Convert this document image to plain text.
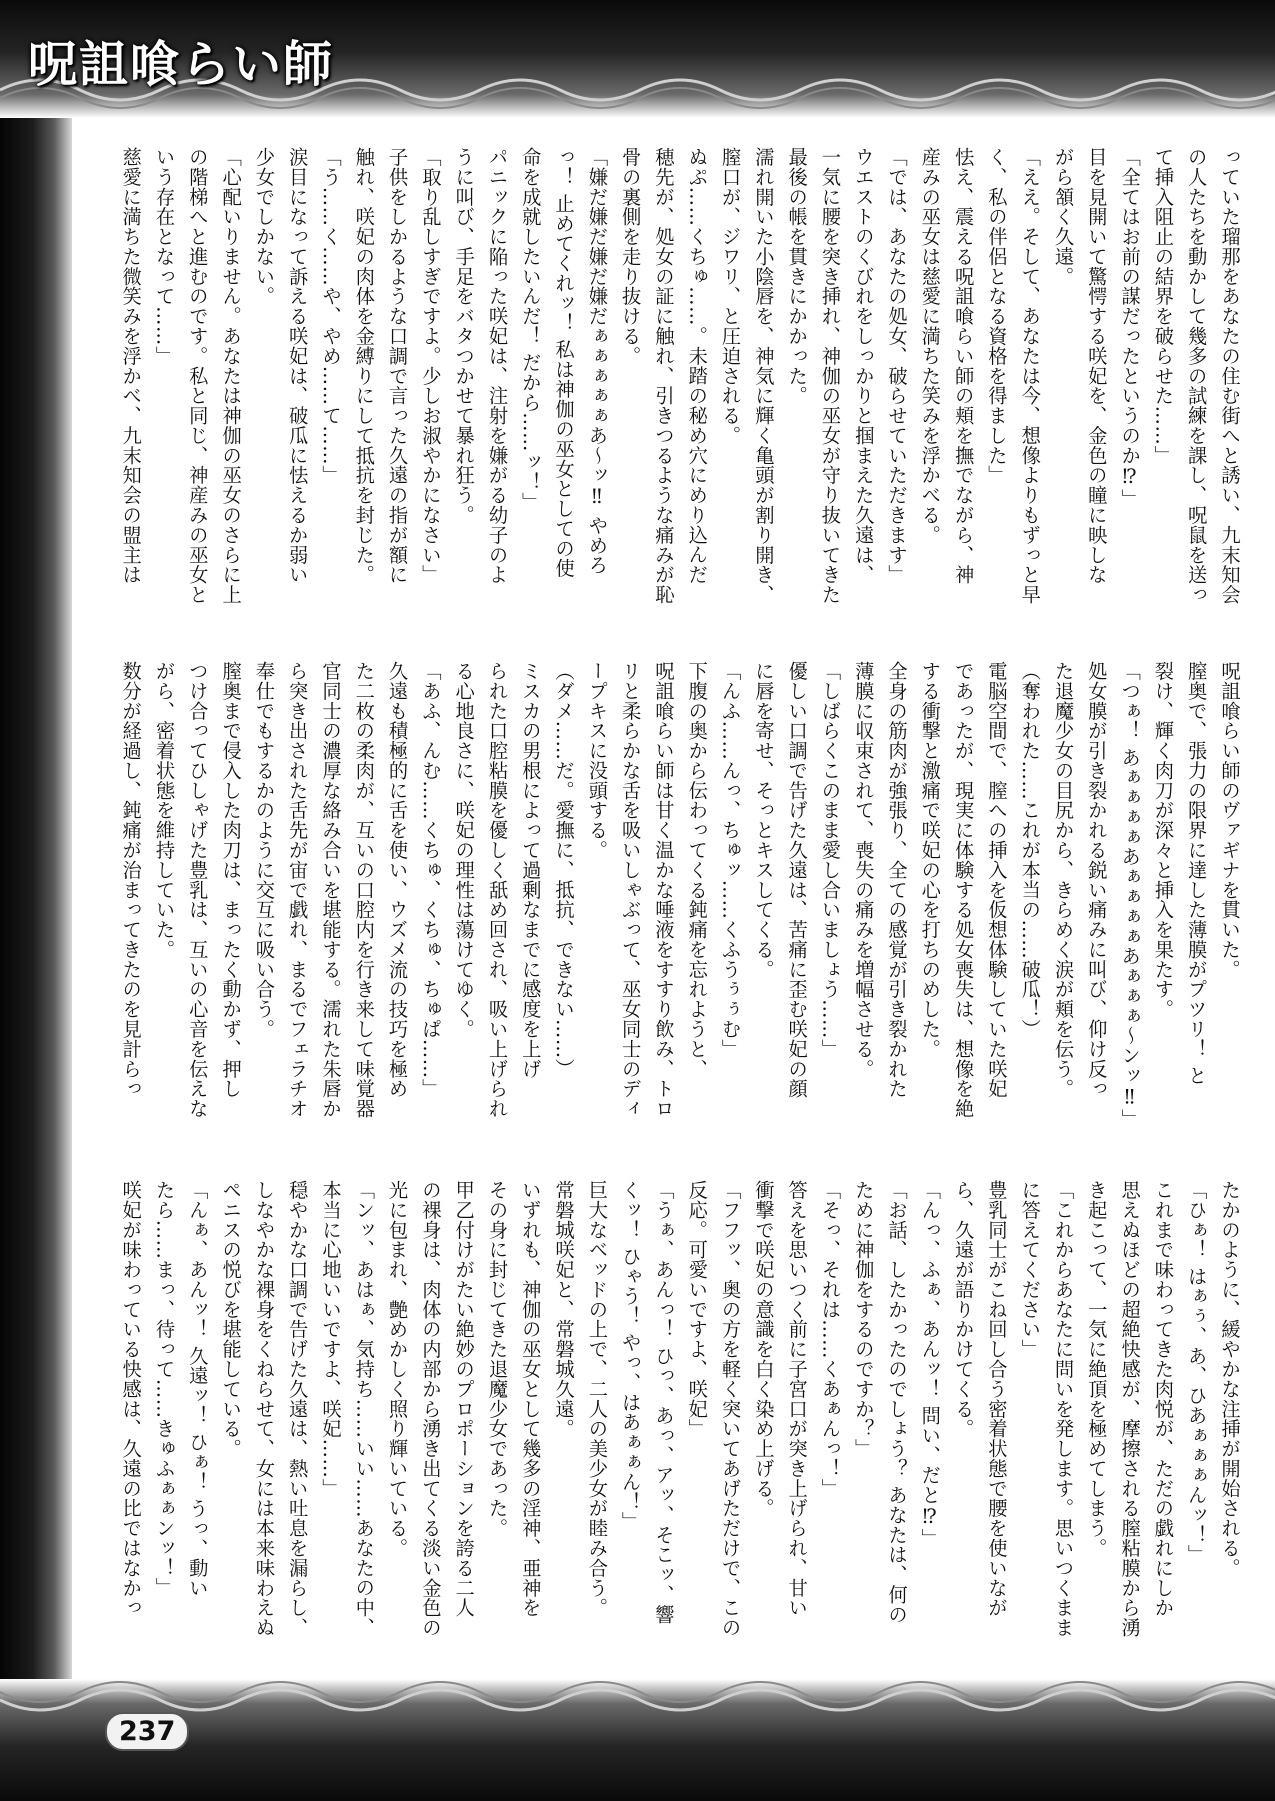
呪詛喰らい師

っていた瑠那をあなたの住む街へと誘い、九末知会

の人たちを動かして幾多の試練を課し、呪鼠を送っ

て挿入阻止の結界を破らせた……」

「全てはお前の謀だったというのか⁉」

目を見開いて驚愕する咲妃を、金色の瞳に映しな

がら頷く久遠。

「ええ。そして、あなたは今、想像よりもずっと早

く、私の伴侶となる資格を得ました」

怯え、震える呪詛喰らい師の頬を撫でながら、神

産みの巫女は慈愛に満ちた笑みを浮かべる。

「では、あなたの処女、破らせていただきます」

ウエストのくびれをしっかりと掴まえた久遠は、

一気に腰を突き挿れ、神伽の巫女が守り抜いてきた

最後の帳を貫きにかかった。

濡れ開いた小陰唇を、神気に輝く亀頭が割り開き、

膣口が、ジワリ、と圧迫される。

ぬぷ……くちゅ……。未踏の秘め穴にめり込んだ

穂先が、処女の証に触れ、引きつるような痛みが恥

骨の裏側を走り抜ける。

「嫌だ嫌だ嫌だ嫌だぁぁぁぁぁあ～ッ‼ やめろ

っ！ 止めてくれッ！ 私は神伽の巫女としての使

命を成就したいんだ！ だから……ッ！」

パニックに陥った咲妃は、注射を嫌がる幼子のよ

うに叫び、手足をバタつかせて暴れ狂う。

「取り乱しすぎですよ。少しお淑やかになさい」

子供をしかるような口調で言った久遠の指が額に

触れ、咲妃の肉体を金縛りにして抵抗を封じた。

「う……く……や、やめ……て……」

涙目になって訴える咲妃は、破瓜に怯えるか弱い

少女でしかない。

「心配いりません。あなたは神伽の巫女のさらに上

の階梯へと進むのです。私と同じ、神産みの巫女と

いう存在となって……」

慈愛に満ちた微笑みを浮かべ、九末知会の盟主は

呪詛喰らい師のヴァギナを貫いた。

膣奥で、張力の限界に達した薄膜がプツリ！ と

裂け、輝く肉刀が深々と挿入を果たす。

「つぁ！ あぁぁぁぁあぁぁぁぁあぁぁぁ～ンッ‼」

処女膜が引き裂かれる鋭い痛みに叫び、仰け反っ

た退魔少女の目尻から、きらめく涙が頬を伝う。

（奪われた……これが本当の……破瓜！）

電脳空間で、膣への挿入を仮想体験していた咲妃

であったが、現実に体験する処女喪失は、想像を絶

する衝撃と激痛で咲妃の心を打ちのめした。

全身の筋肉が強張り、全ての感覚が引き裂かれた

薄膜に収束されて、喪失の痛みを増幅させる。

「しばらくこのまま愛し合いましょう……」

優しい口調で告げた久遠は、苦痛に歪む咲妃の顔

に唇を寄せ、そっとキスしてくる。

「んふ……んっ、ちゅッ……くふうぅぅむ」

下腹の奥から伝わってくる鈍痛を忘れようと、

呪詛喰らい師は甘く温かな唾液をすすり飲み、トロ

リと柔らかな舌を吸いしゃぶって、巫女同士のディ

ープキスに没頭する。

（ダメ……だ。愛撫に、抵抗、できない……）

ミスカの男根によって過剰なまでに感度を上げ

られた口腔粘膜を優しく舐め回され、吸い上げられ

る心地良さに、咲妃の理性は蕩けてゆく。

「あふ、んむ……くちゅ、くちゅ、ちゅぱ……」

久遠も積極的に舌を使い、ウズメ流の技巧を極め

た二枚の柔肉が、互いの口腔内を行き来して味覚器

官同士の濃厚な絡み合いを堪能する。濡れた朱唇か

ら突き出された舌先が宙で戯れ、まるでフェラチオ

奉仕でもするかのように交互に吸い合う。

膣奥まで侵入した肉刀は、まったく動かず、押し

つけ合ってひしゃげた豊乳は、互いの心音を伝えな

がら、密着状態を維持していた。

数分が経過し、鈍痛が治まってきたのを見計らっ

たかのように、緩やかな注挿が開始される。

「ひぁ！ はぁぅ、あ、ひあぁぁぁんッ！」

これまで味わってきた肉悦が、ただの戯れにしか

思えぬほどの超絶快感が、摩擦される膣粘膜から湧

き起こって、一気に絶頂を極めてしまう。

「これからあなたに問いを発します。思いつくまま

に答えてください」

豊乳同士がこね回し合う密着状態で腰を使いなが

ら、久遠が語りかけてくる。

「んっ、ふぁ、あんッ！ 問い、だと⁉」

「お話、したかったのでしょう？ あなたは、何の

ために神伽をするのですか？」

「そっ、それは……くあぁんっ！」

答えを思いつく前に子宮口が突き上げられ、甘い

衝撃で咲妃の意識を白く染め上げる。

「フフッ、奥の方を軽く突いてあげただけで、この

反応。可愛いですよ、咲妃」

「うぁ、あんっ！ ひっ、あっ、アッ、そこッ、響

くッ！ ひゃう！ やっ、はあぁぁん！」

巨大なベッドの上で、二人の美少女が睦み合う。

常磐城咲妃と、常磐城久遠。

いずれも、神伽の巫女として幾多の淫神、亜神を

その身に封じてきた退魔少女であった。

甲乙付けがたい絶妙のプロポーションを誇る二人

の裸身は、肉体の内部から湧き出てくる淡い金色の

光に包まれ、艶めかしく照り輝いている。

「ンッ、あはぁ、気持ち……いい……あなたの中、

本当に心地いいですよ、咲妃……」

穏やかな口調で告げた久遠は、熱い吐息を漏らし、

しなやかな裸身をくねらせて、女には本来味わえぬ

ペニスの悦びを堪能している。

「んぁ、あんッ！ 久遠ッ！ ひぁ！ うっ、動い

たら……まっ、待って……きゅふぁぁンッ！」

咲妃が味わっている快感は、久遠の比ではなかっ

237
